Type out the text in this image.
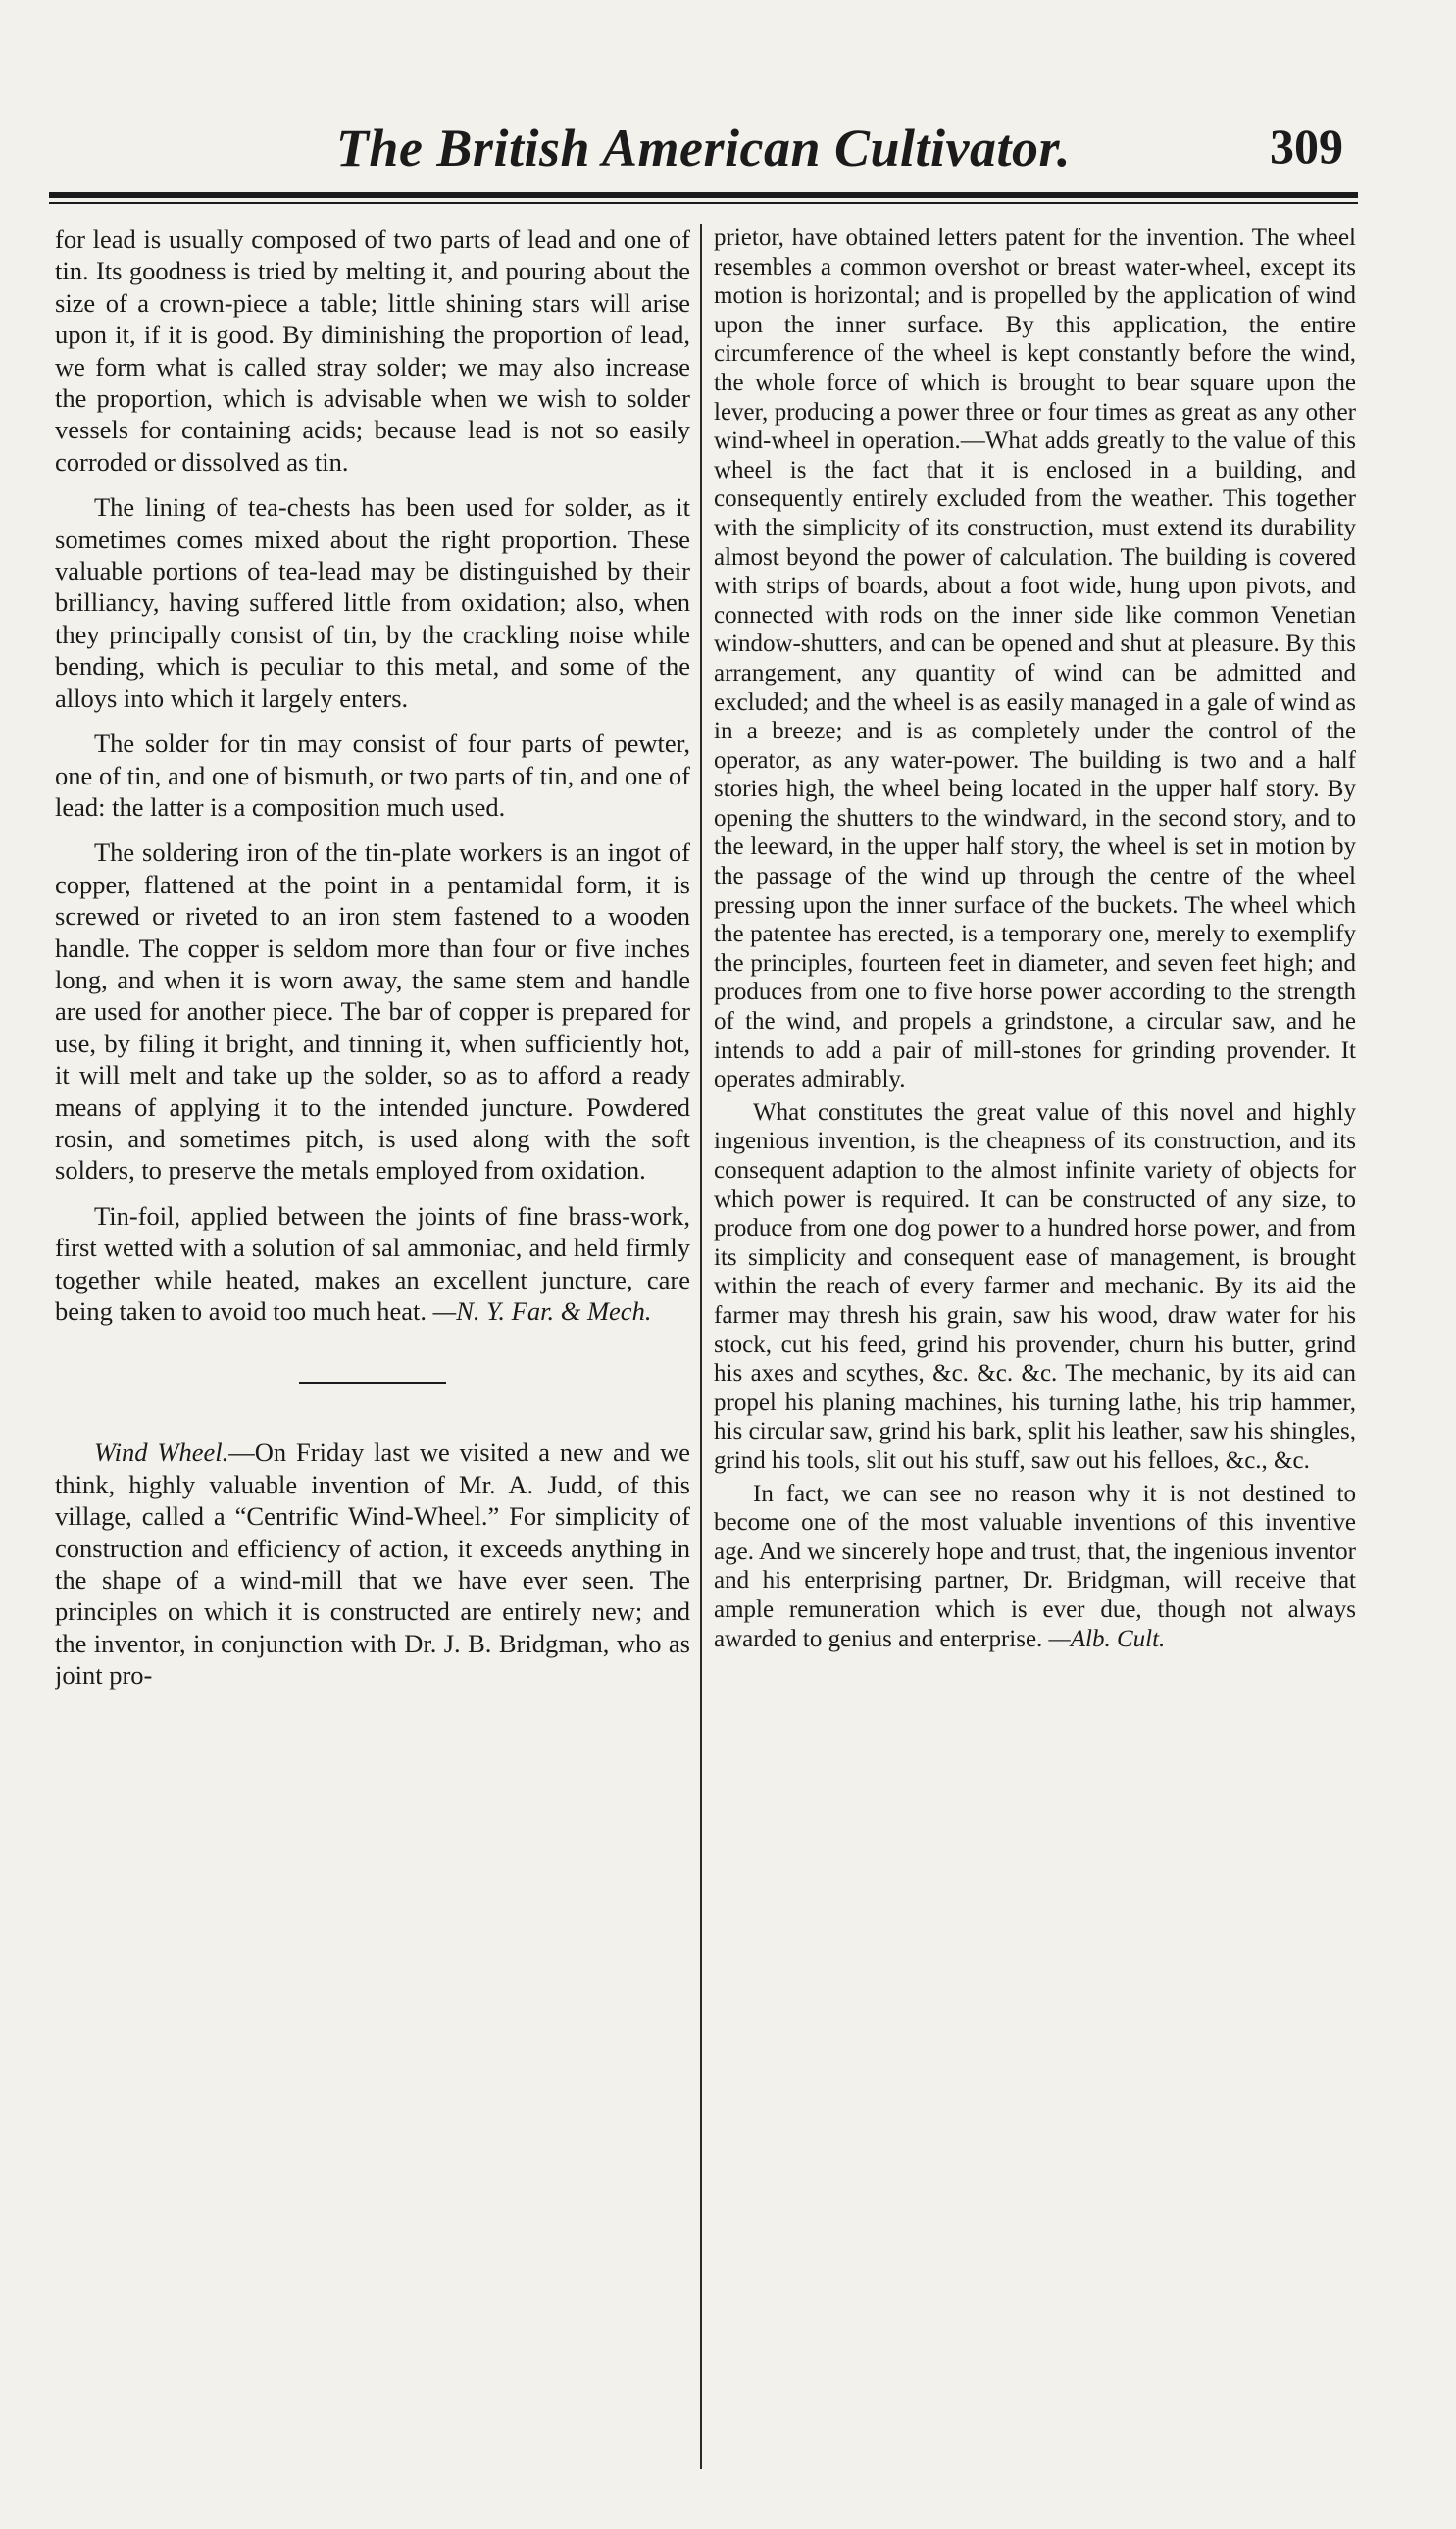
The British American Cultivator.	309

for lead is usually composed of two parts of lead and one of tin. Its goodness is tried by melting it, and pouring about the size of a crown-piece a table; little shining stars will arise upon it, if it is good. By diminishing the proportion of lead, we form what is called stray solder; we may also increase the proportion, which is advisable when we wish to solder vessels for containing acids; because lead is not so easily corroded or dissolved as tin.

The lining of tea-chests has been used for solder, as it sometimes comes mixed about the right proportion. These valuable portions of tea-lead may be distinguished by their brilliancy, having suffered little from oxidation; also, when they principally consist of tin, by the crackling noise while bending, which is peculiar to this metal, and some of the alloys into which it largely enters.

The solder for tin may consist of four parts of pewter, one of tin, and one of bismuth, or two parts of tin, and one of lead: the latter is a composition much used.

The soldering iron of the tin-plate workers is an ingot of copper, flattened at the point in a pentamidal form, it is screwed or riveted to an iron stem fastened to a wooden handle. The copper is seldom more than four or five inches long, and when it is worn away, the same stem and handle are used for another piece. The bar of copper is prepared for use, by filing it bright, and tinning it, when sufficiently hot, it will melt and take up the solder, so as to afford a ready means of applying it to the intended juncture. Powdered rosin, and sometimes pitch, is used along with the soft solders, to preserve the metals employed from oxidation.

Tin-foil, applied between the joints of fine brass-work, first wetted with a solution of sal ammoniac, and held firmly together while heated, makes an excellent juncture, care being taken to avoid too much heat. —N. Y. Far. & Mech.

Wind Wheel.—On Friday last we visited a new and we think, highly valuable invention of Mr. A. Judd, of this village, called a “Centrific Wind-Wheel.” For simplicity of construction and efficiency of action, it exceeds anything in the shape of a wind-mill that we have ever seen. The principles on which it is constructed are entirely new; and the inventor, in conjunction with Dr. J. B. Bridgman, who as joint pro-

prietor, have obtained letters patent for the invention. The wheel resembles a common overshot or breast water-wheel, except its motion is horizontal; and is propelled by the application of wind upon the inner surface. By this application, the entire circumference of the wheel is kept constantly before the wind, the whole force of which is brought to bear square upon the lever, producing a power three or four times as great as any other wind-wheel in operation.—What adds greatly to the value of this wheel is the fact that it is enclosed in a building, and consequently entirely excluded from the weather. This together with the simplicity of its construction, must extend its durability almost beyond the power of calculation. The building is covered with strips of boards, about a foot wide, hung upon pivots, and connected with rods on the inner side like common Venetian window-shutters, and can be opened and shut at pleasure. By this arrangement, any quantity of wind can be admitted and excluded; and the wheel is as easily managed in a gale of wind as in a breeze; and is as completely under the control of the operator, as any water-power. The building is two and a half stories high, the wheel being located in the upper half story. By opening the shutters to the windward, in the second story, and to the leeward, in the upper half story, the wheel is set in motion by the passage of the wind up through the centre of the wheel pressing upon the inner surface of the buckets. The wheel which the patentee has erected, is a temporary one, merely to exemplify the principles, fourteen feet in diameter, and seven feet high; and produces from one to five horse power according to the strength of the wind, and propels a grindstone, a circular saw, and he intends to add a pair of mill-stones for grinding provender. It operates admirably.

What constitutes the great value of this novel and highly ingenious invention, is the cheapness of its construction, and its consequent adaption to the almost infinite variety of objects for which power is required. It can be constructed of any size, to produce from one dog power to a hundred horse power, and from its simplicity and consequent ease of management, is brought within the reach of every farmer and mechanic. By its aid the farmer may thresh his grain, saw his wood, draw water for his stock, cut his feed, grind his provender, churn his butter, grind his axes and scythes, &c. &c. &c. The mechanic, by its aid can propel his planing machines, his turning lathe, his trip hammer, his circular saw, grind his bark, split his leather, saw his shingles, grind his tools, slit out his stuff, saw out his felloes, &c., &c.

In fact, we can see no reason why it is not destined to become one of the most valuable inventions of this inventive age. And we sincerely hope and trust, that, the ingenious inventor and his enterprising partner, Dr. Bridgman, will receive that ample remuneration which is ever due, though not always awarded to genius and enterprise. —Alb. Cult.
